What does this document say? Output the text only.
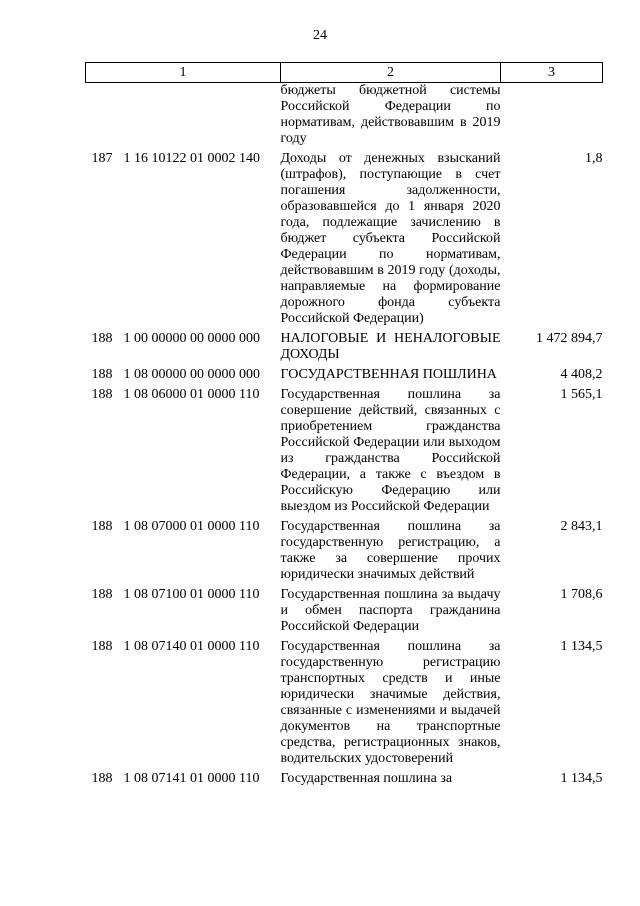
24
1	2	3
	бюджеты бюджетной системы Российской Федерации по нормативам, действовавшим в 2019 году	
187 1 16 10122 01 0002 140	Доходы от денежных взысканий (штрафов), поступающие в счет погашения задолженности, образовавшейся до 1 января 2020 года, подлежащие зачислению в бюджет субъекта Российской Федерации по нормативам, действовавшим в 2019 году (доходы, направляемые на формирование дорожного фонда субъекта Российской Федерации)	1,8
188 1 00 00000 00 0000 000	НАЛОГОВЫЕ И НЕНАЛОГОВЫЕ ДОХОДЫ	1 472 894,7
188 1 08 00000 00 0000 000	ГОСУДАРСТВЕННАЯ ПОШЛИНА	4 408,2
188 1 08 06000 01 0000 110	Государственная пошлина за совершение действий, связанных с приобретением гражданства Российской Федерации или выходом из гражданства Российской Федерации, а также с въездом в Российскую Федерацию или выездом из Российской Федерации	1 565,1
188 1 08 07000 01 0000 110	Государственная пошлина за государственную регистрацию, а также за совершение прочих юридически значимых действий	2 843,1
188 1 08 07100 01 0000 110	Государственная пошлина за выдачу и обмен паспорта гражданина Российской Федерации	1 708,6
188 1 08 07140 01 0000 110	Государственная пошлина за государственную регистрацию транспортных средств и иные юридически значимые действия, связанные с изменениями и выдачей документов на транспортные средства, регистрационных знаков, водительских удостоверений	1 134,5
188 1 08 07141 01 0000 110	Государственная пошлина за	1 134,5
